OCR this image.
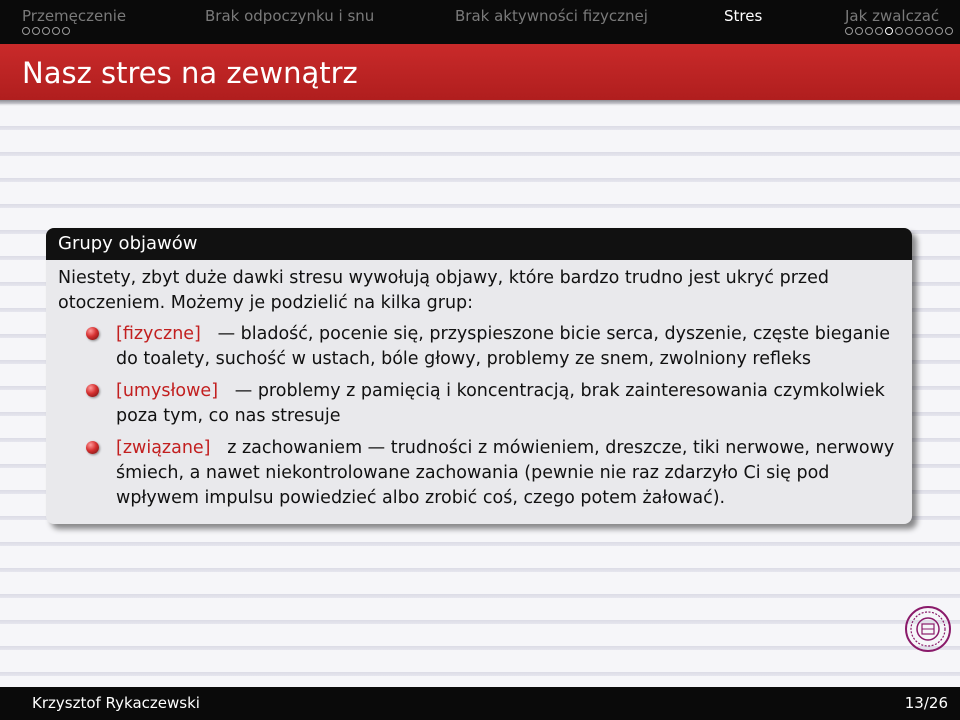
Przemęczenie	Brak odpoczynku i snu	Brak aktywności fizycznej	Stres	Jak zwalczać
Nasz stres na zewnątrz
Grupy objawów

Niestety, zbyt duże dawki stresu wywołują objawy, które bardzo trudno jest ukryć przed otoczeniem. Możemy je podzielić na kilka grup:

[fizyczne]   — bladość, pocenie się, przyspieszone bicie serca, dyszenie, częste bieganie do toalety, suchość w ustach, bóle głowy, problemy ze snem, zwolniony refleks
[umysłowe]   — problemy z pamięcią i koncentracją, brak zainteresowania czymkolwiek poza tym, co nas stresuje
[związane] z zachowaniem — trudności z mówieniem, dreszcze, tiki nerwowe, nerwowy śmiech, a nawet niekontrolowane zachowania (pewnie nie raz zdarzyło Ci się pod wpływem impulsu powiedzieć albo zrobić coś, czego potem żałować).
Krzysztof Rykaczewski	13/26
